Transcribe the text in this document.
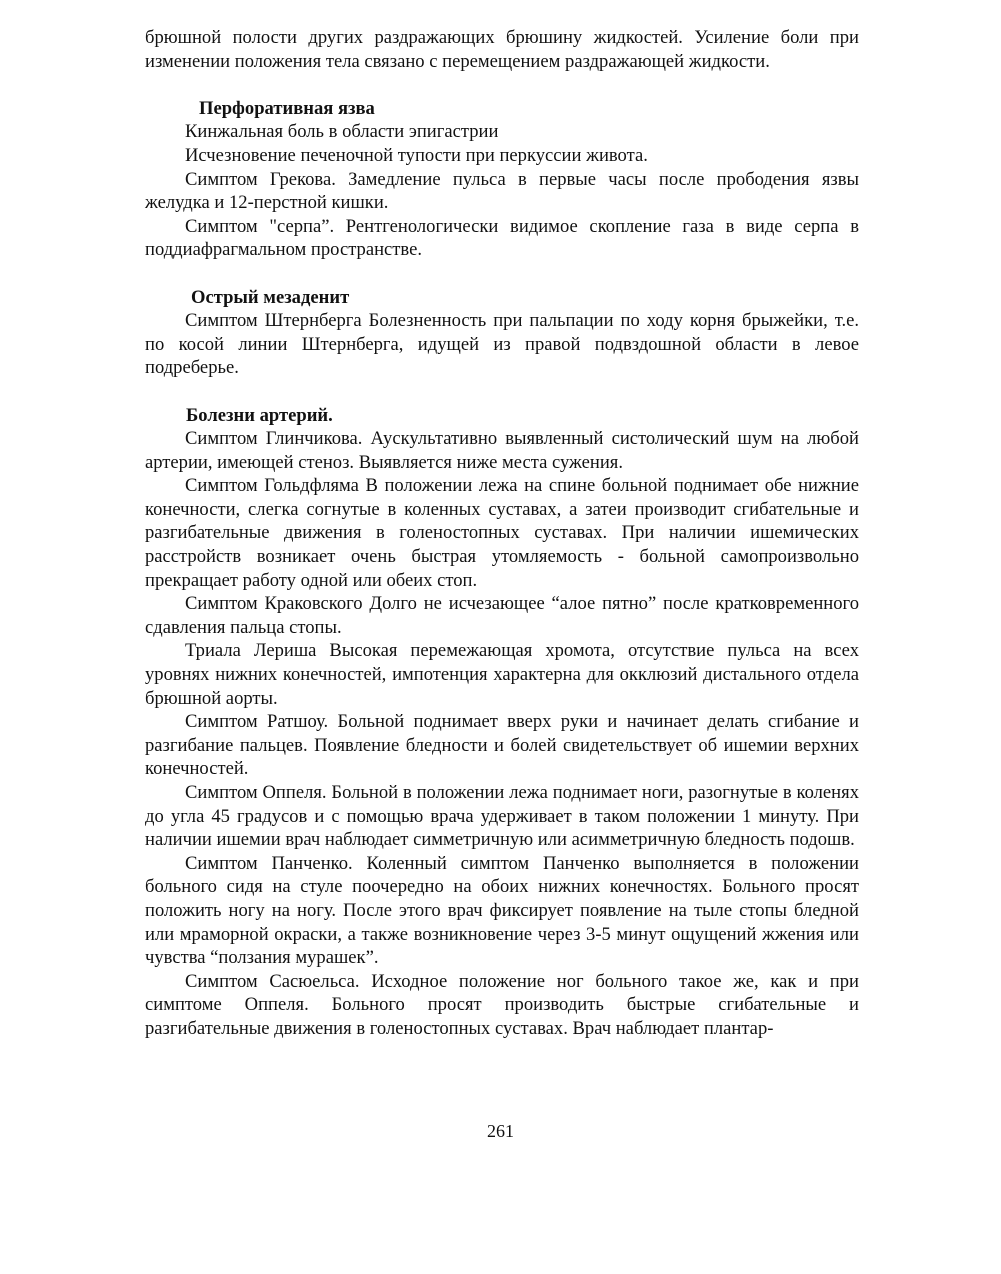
брюшной полости других раздражающих брюшину жидкостей. Усиление боли при изменении положения тела связано с перемещением раздражающей жидкости.

Перфоративная язва

Кинжальная боль в области эпигастрии

Исчезновение печеночной тупости при перкуссии живота.

Симптом Грекова. Замедление пульса в первые часы после прободения язвы желудка и 12-перстной кишки.

Симптом "серпа”. Рентгенологически видимое скопление газа в виде серпа в поддиафрагмальном пространстве.

Острый мезаденит

Симптом Штернберга Болезненность при пальпации по ходу корня брыжейки, т.е. по косой линии Штернберга, идущей из правой подвздошной области в левое подреберье.

Болезни артерий.

Симптом Глинчикова. Аускультативно выявленный систолический шум на любой артерии, имеющей стеноз. Выявляется ниже места сужения.

Симптом Гольдфляма В положении лежа на спине больной поднимает обе нижние конечности, слегка согнутые в коленных суставах, а затеи производит сгибательные и разгибательные движения в голеностопных суставах. При наличии ишемических расстройств возникает очень быстрая утомляемость - больной самопроизвольно прекращает работу одной или обеих стоп.

Симптом Краковского Долго не исчезающее “алое пятно” после кратковременного сдавления пальца стопы.

Триала Лериша Высокая перемежающая хромота, отсутствие пульса на всех уровнях нижних конечностей, импотенция характерна для окклюзий дистального отдела брюшной аорты.

Симптом Ратшоу. Больной поднимает вверх руки и начинает делать сгибание и разгибание пальцев. Появление бледности и болей свидетельствует об ишемии верхних конечностей.

Симптом Оппеля. Больной в положении лежа поднимает ноги, разогнутые в коленях до угла 45 градусов и с помощью врача удерживает в таком положении 1 минуту. При наличии ишемии врач наблюдает симметричную или асимметричную бледность подошв.

Симптом Панченко. Коленный симптом Панченко выполняется в положении больного сидя на стуле поочередно на обоих нижних конечностях. Больного просят положить ногу на ногу. После этого врач фиксирует появление на тыле стопы бледной или мраморной окраски, а также возникновение через 3-5 минут ощущений жжения или чувства “ползания мурашек”.

Симптом Сасюельса. Исходное положение ног больного такое же, как и при симптоме Оппеля. Больного просят производить быстрые сгибательные и разгибательные движения в голеностопных суставах. Врач наблюдает плантар-

261
